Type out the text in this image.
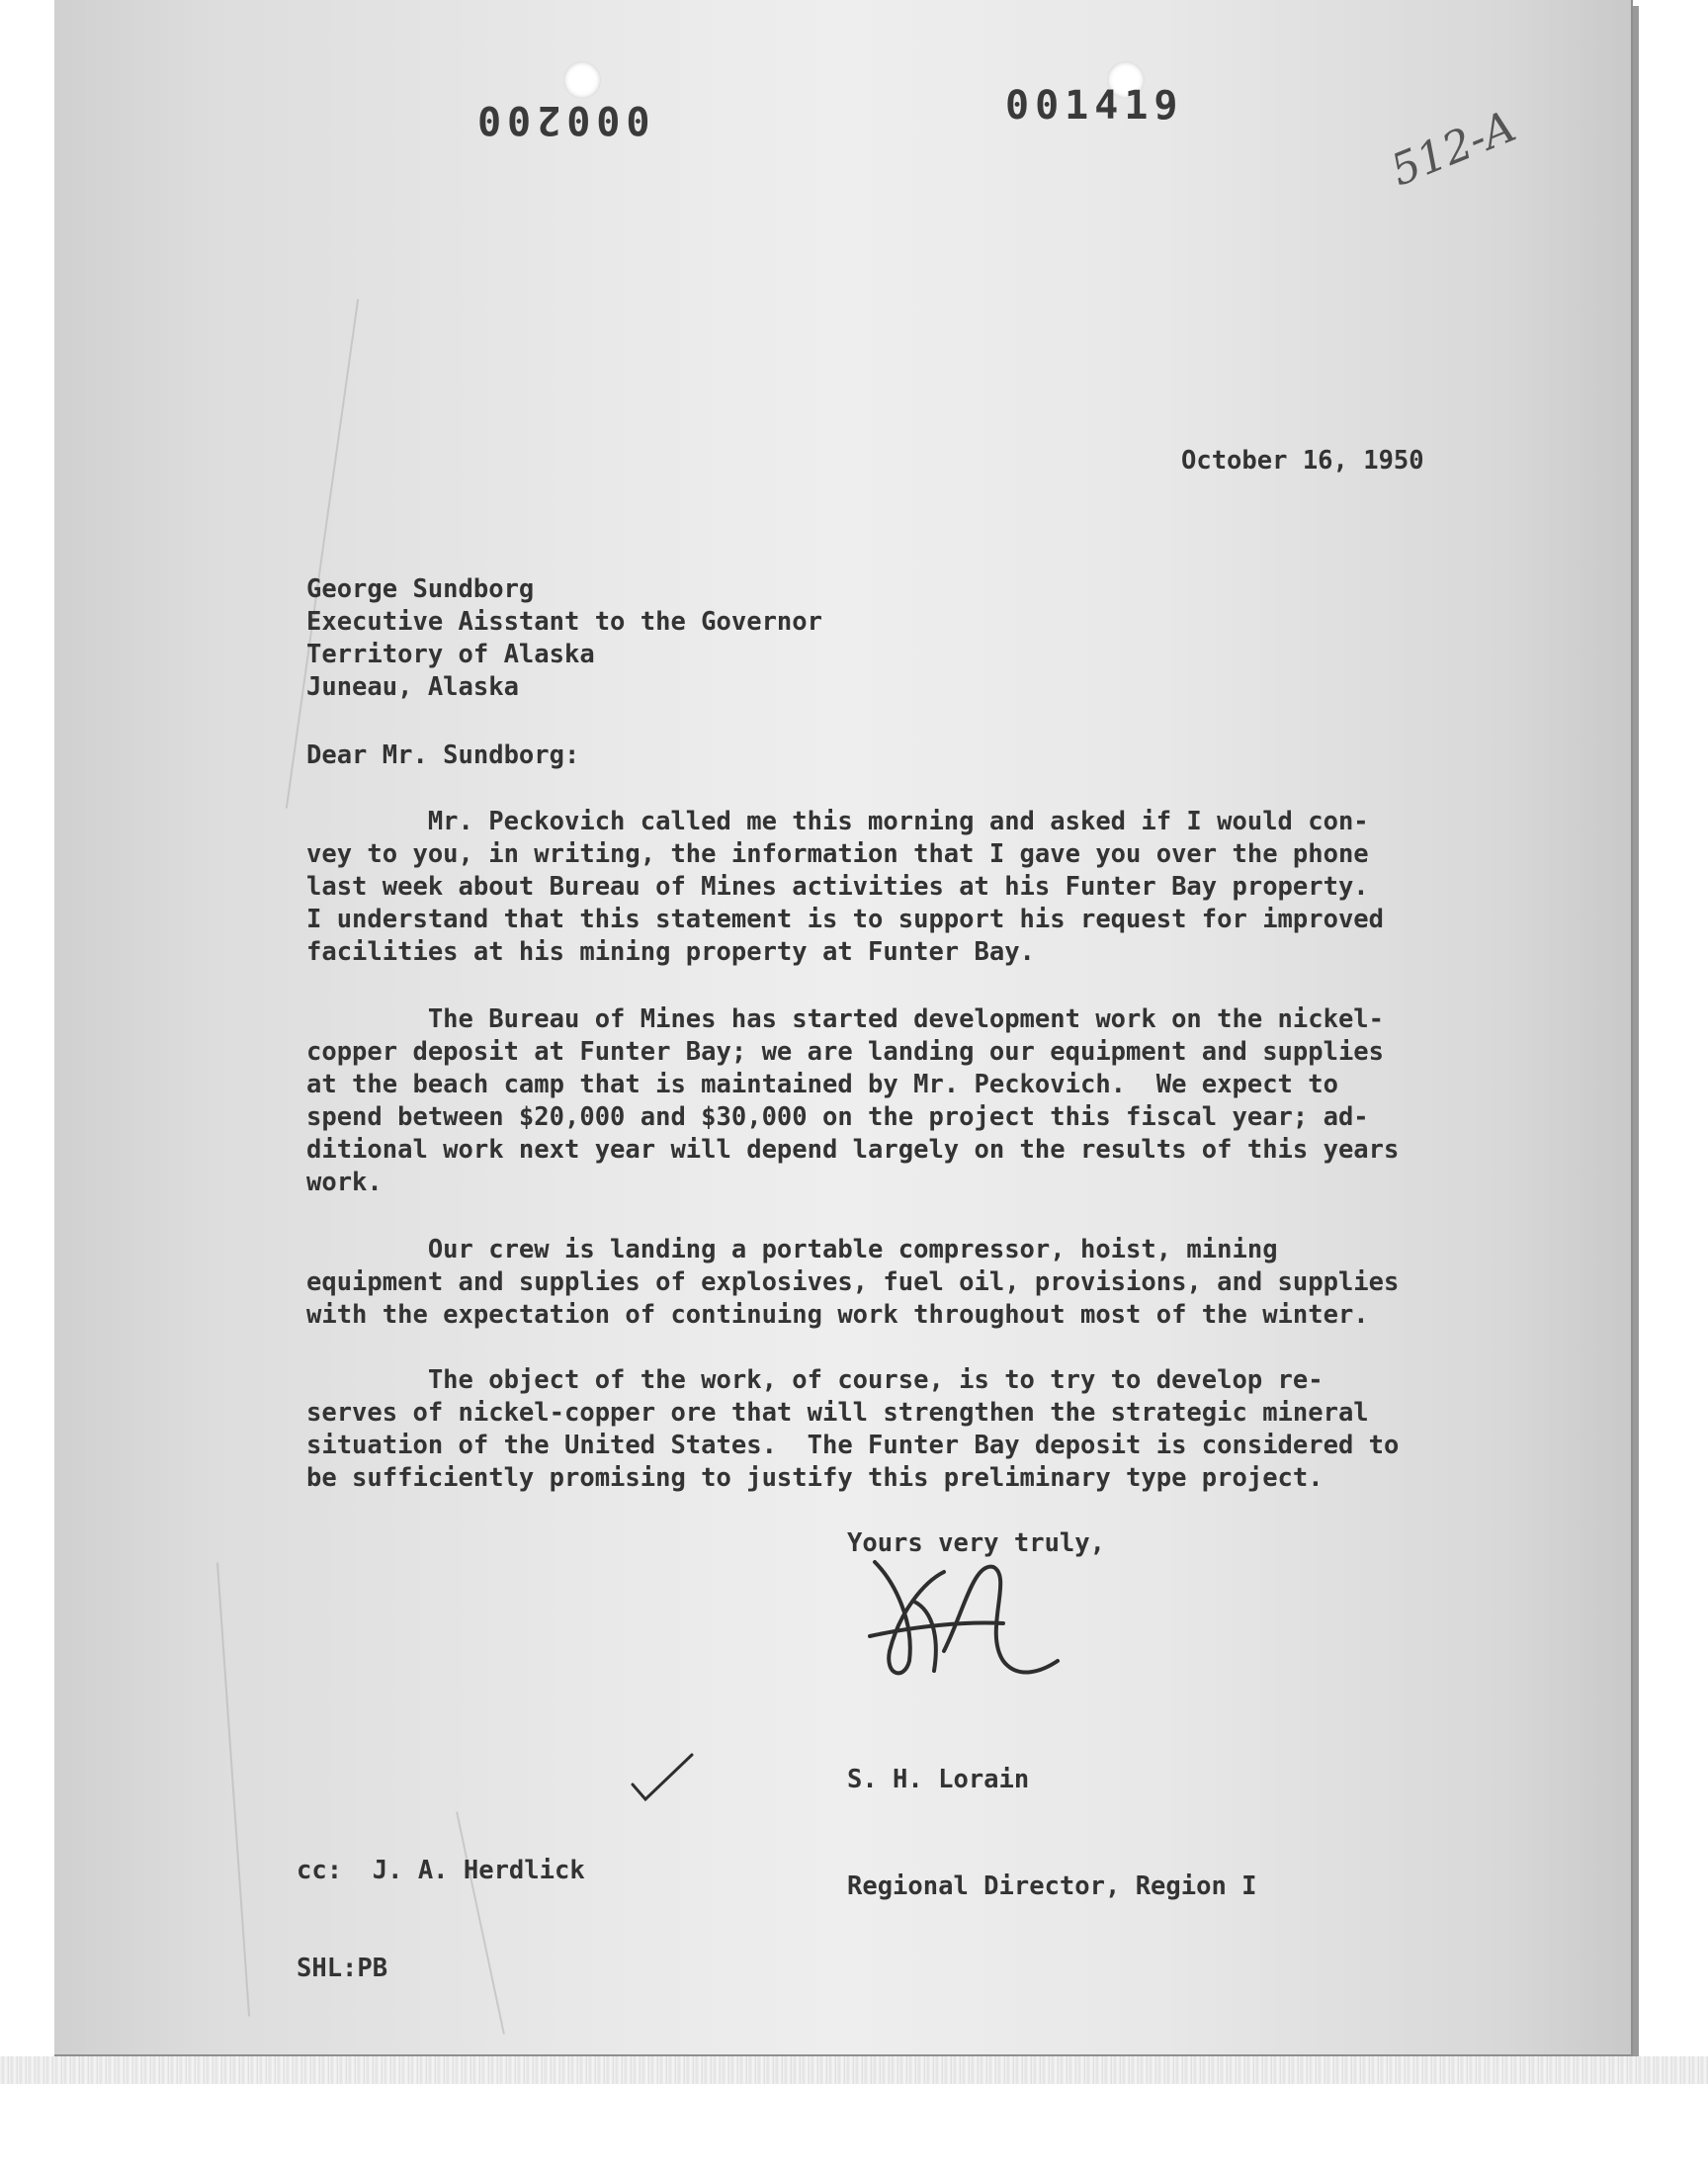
000200	001419	512-A
October 16, 1950
George Sundborg
Executive Aisstant to the Governor
Territory of Alaska
Juneau, Alaska
Dear Mr. Sundborg:
Mr. Peckovich called me this morning and asked if I would con-
vey to you, in writing, the information that I gave you over the phone
last week about Bureau of Mines activities at his Funter Bay property.
I understand that this statement is to support his request for improved
facilities at his mining property at Funter Bay.
The Bureau of Mines has started development work on the nickel-
copper deposit at Funter Bay; we are landing our equipment and supplies
at the beach camp that is maintained by Mr. Peckovich.  We expect to
spend between $20,000 and $30,000 on the project this fiscal year; ad-
ditional work next year will depend largely on the results of this years
work.
Our crew is landing a portable compressor, hoist, mining
equipment and supplies of explosives, fuel oil, provisions, and supplies
with the expectation of continuing work throughout most of the winter.
The object of the work, of course, is to try to develop re-
serves of nickel-copper ore that will strengthen the strategic mineral
situation of the United States.  The Funter Bay deposit is considered to
be sufficiently promising to justify this preliminary type project.
Yours very truly,

S. H. Lorain

Regional Director, Region I

cc:  J. A. Herdlick

SHL:PB
